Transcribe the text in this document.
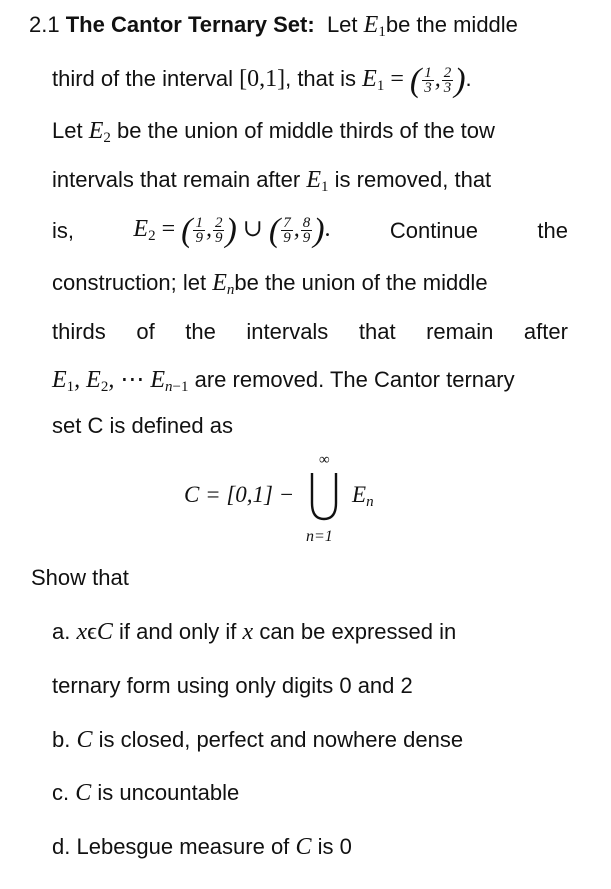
2.1 The Cantor Ternary Set: Let $E_1be$ the middle
third of the interval [0,1], that is $E_1$ = ( $\frac{1}{3}$ , $\frac{2}{3}$ ).
Let $E_2$ be the union of middle thirds of the tow
intervals that remain after $E_1$ is removed, that
is, $E_2$ = ( $\frac{1}{9}$ , $\frac{2}{9}$ ) ∪ ( $\frac{7}{9}$ , $\frac{8}{9}$ ).	Continue	the
construction; let $E_nbe$ the union of the middle
thirds of the intervals that remain after
$E_1$, $E_2$, ⋯ $E_{n-1}$ are removed. The Cantor ternary
set C is defined as
C = [0,1] −
∞
n=1
$E_n$
Show that
a. xϵC if and only if x can be expressed in
ternary form using only digits 0 and 2
b. C is closed, perfect and nowhere dense
c. C is uncountable
d. Lebesgue measure of C is 0
